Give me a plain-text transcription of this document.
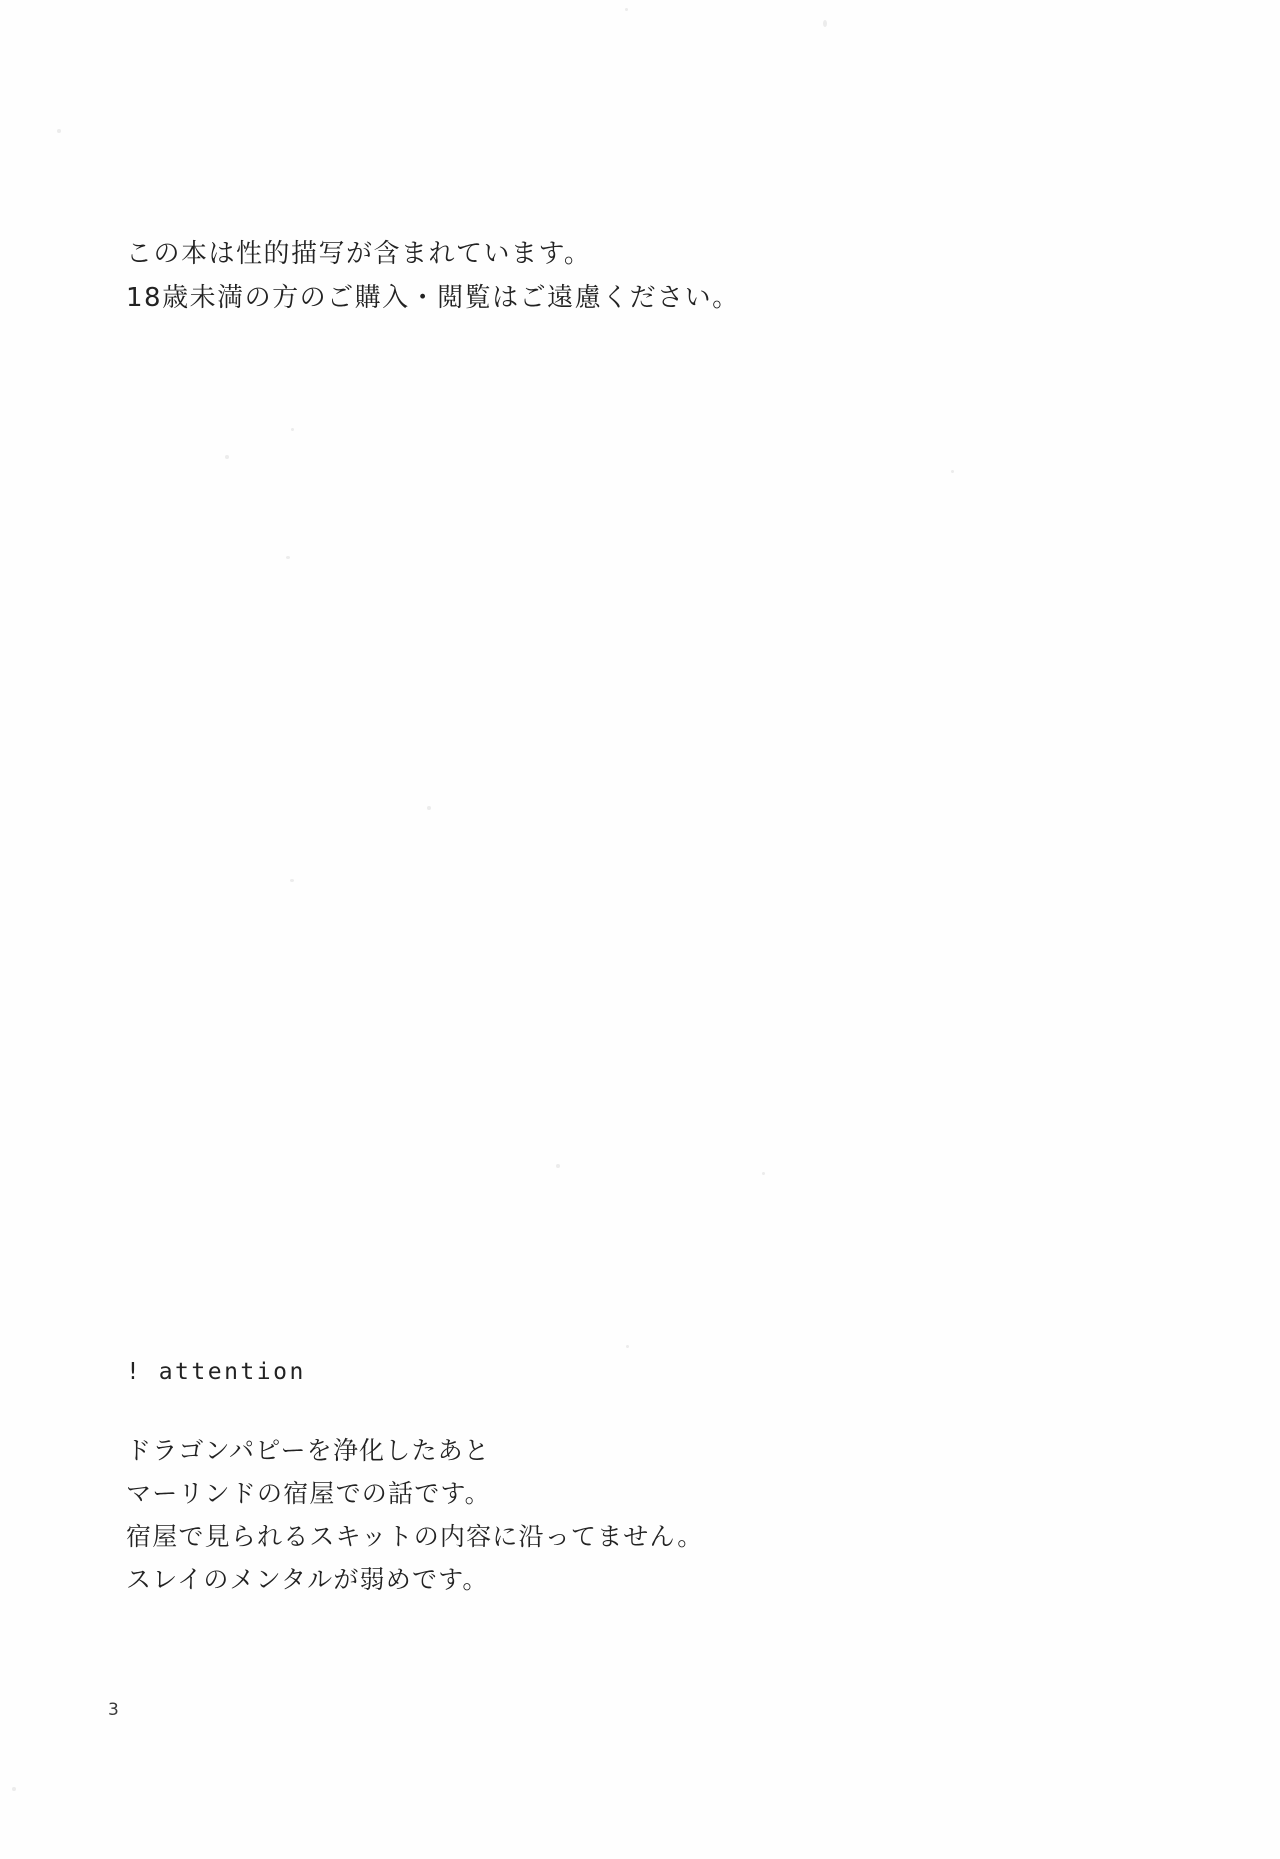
この本は性的描写が含まれています。
18歳未満の方のご購入・閲覧はご遠慮ください。
! attention
ドラゴンパピーを浄化したあと
マーリンドの宿屋での話です。
宿屋で見られるスキットの内容に沿ってません。
スレイのメンタルが弱めです。
3
